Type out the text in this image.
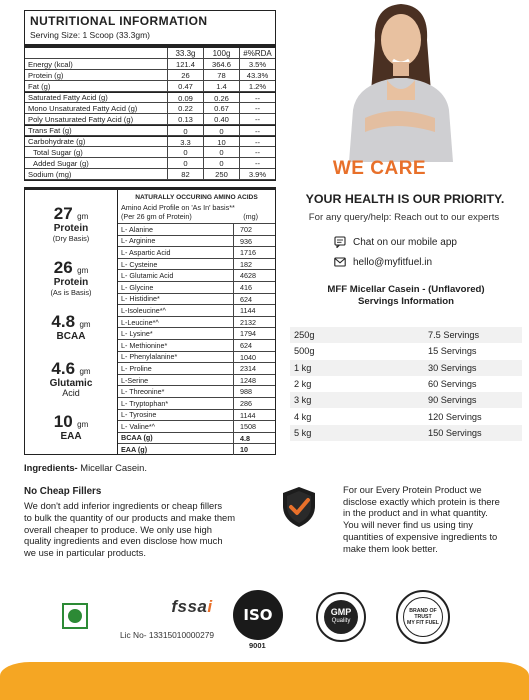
NUTRITIONAL INFORMATION
Serving Size: 1 Scoop (33.3gm)
33.3g	100g	#%RDA
Energy (kcal)	121.4	364.6	3.5%
Protein (g)	26	78	43.3%
Fat (g)	0.47	1.4	1.2%
Saturated Fatty Acid (g)	0.09	0.26	--
Mono Unsaturated Fatty Acid (g)	0.22	0.67	--
Poly Unsaturated Fatty Acid (g)	0.13	0.40	--
Trans Fat (g)	0	0	--
Carbohydrate (g)	3.3	10	--
Total Sugar (g)	0	0	--
Added Sugar (g)	0	0	--
Sodium (mg)	82	250	3.9%
27 gm
Protein
(Dry Basis)
26 gm
Protein
(As is Basis)
4.8 gm
BCAA
4.6 gm
Glutamic
Acid
10 gm
EAA
NATURALLY OCCURING AMINO ACIDS
Amino Acid Profile on 'As In' basis**
(Per 26 gm of Protein)	(mg)
L- Alanine	702
L- Arginine	936
L- Aspartic Acid	1716
L- Cysteine	182
L- Glutamic Acid	4628
L- Glycine	416
L- Histidine*	624
L-Isoleucine*^	1144
L-Leucine*^	2132
L- Lysine*	1794
L- Methionine*	624
L- Phenylalanine*	1040
L- Proline	2314
L-Serine	1248
L- Threonine*	988
L- Tryptophan*	286
L- Tyrosine	1144
L- Valine*^	1508
BCAA (g)	4.8
EAA (g)	10
Ingredients- Micellar Casein.
No Cheap Fillers
We don't add inferior ingredients or cheap fillers
to bulk the quantity of our products and make them
overall cheaper to produce. We only use high
quality ingredients and even disclose how much
we use in particular products.
WE CARE
YOUR HEALTH IS OUR PRIORITY.
For any query/help: Reach out to our experts
Chat on our mobile app
hello@myfitfuel.in
MFF Micellar Casein - (Unflavored)
Servings Information
250g	7.5 Servings
500g	15 Servings
1 kg	30 Servings
2 kg	60 Servings
3 kg	90 Servings
4 kg	120 Servings
5 kg	150 Servings
For our Every Protein Product we
disclose exactly which protein is there
in the product and in what quantity.
You will never find us using tiny
quantities of expensive ingredients to
make them look better.
fssai
Lic No- 13315010000279
ISO
9001
GMP
Quality
BRAND OF TRUST
MY FIT FUEL
